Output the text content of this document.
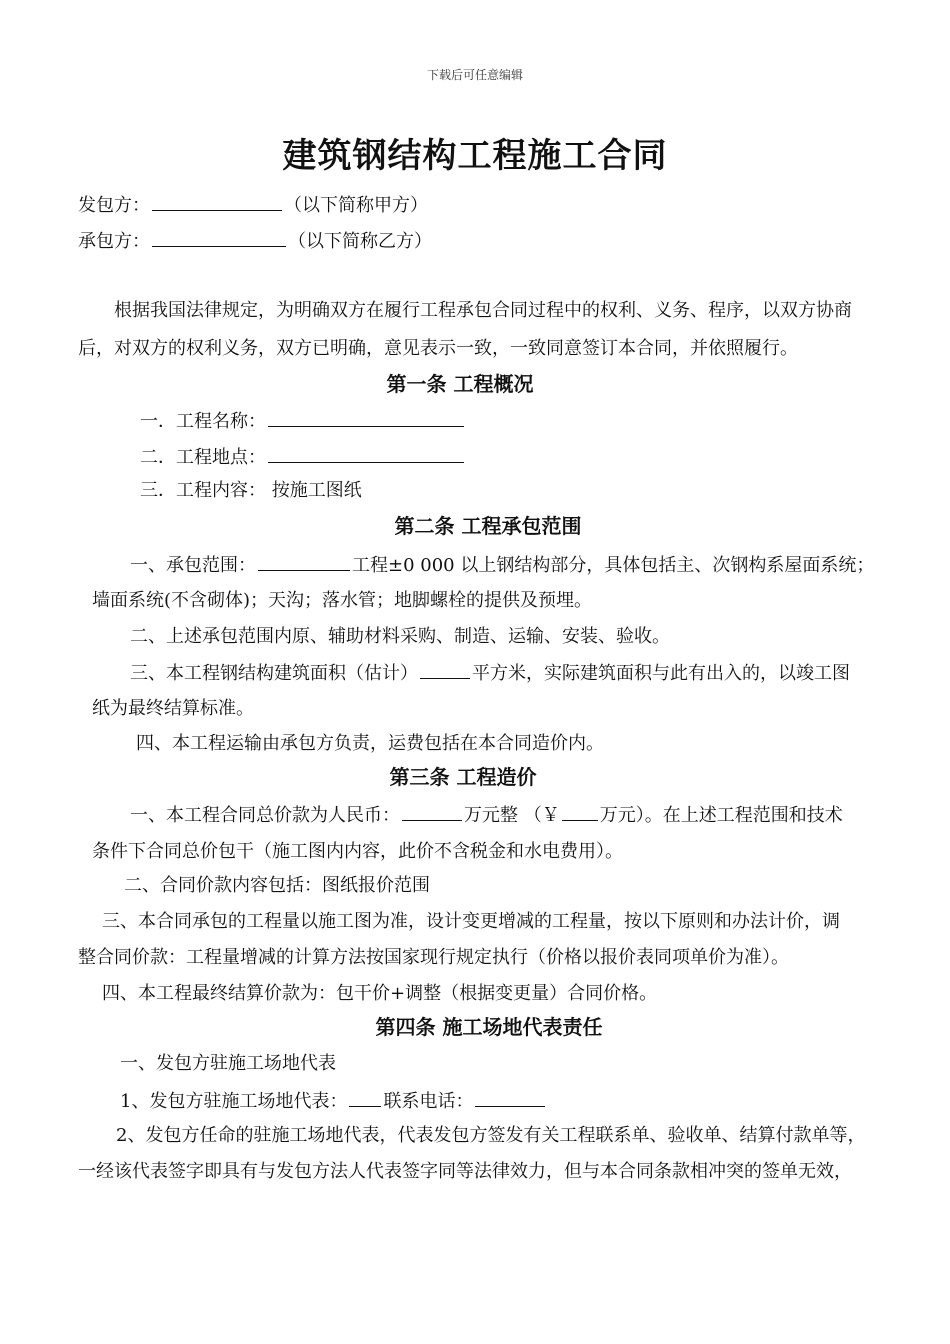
下载后可任意编辑
建筑钢结构工程施工合同
发包方：	（以下简称甲方）
承包方：	（以下简称乙方）
根据我国法律规定，为明确双方在履行工程承包合同过程中的权利、义务、程序，以双方协商
后，对双方的权利义务，双方已明确，意见表示一致，一致同意签订本合同，并依照履行。
第一条 工程概况
一．工程名称：
二．工程地点：
三．工程内容： 按施工图纸
第二条 工程承包范围
一、承包范围：	工程±0 000 以上钢结构部分，具体包括主、次钢构系屋面系统；
墙面系统(不含砌体)；天沟；落水管；地脚螺栓的提供及预埋。
二、上述承包范围内原、辅助材料采购、制造、运输、安装、验收。
三、本工程钢结构建筑面积（估计）	平方米，实际建筑面积与此有出入的，以竣工图
纸为最终结算标准。
四、本工程运输由承包方负责，运费包括在本合同造价内。
第三条 工程造价
一、本工程合同总价款为人民币：	万元整 （￥ 万元）。在上述工程范围和技术
条件下合同总价包干（施工图内内容，此价不含税金和水电费用）。
二、合同价款内容包括：图纸报价范围
三、本合同承包的工程量以施工图为准，设计变更增减的工程量，按以下原则和办法计价，调
整合同价款：工程量增减的计算方法按国家现行规定执行（价格以报价表同项单价为准）。
四、本工程最终结算价款为：包干价+调整（根据变更量）合同价格。
第四条 施工场地代表责任
一、发包方驻施工场地代表
1、发包方驻施工场地代表： 联系电话：
2、发包方任命的驻施工场地代表，代表发包方签发有关工程联系单、验收单、结算付款单等，
一经该代表签字即具有与发包方法人代表签字同等法律效力，但与本合同条款相冲突的签单无效，
